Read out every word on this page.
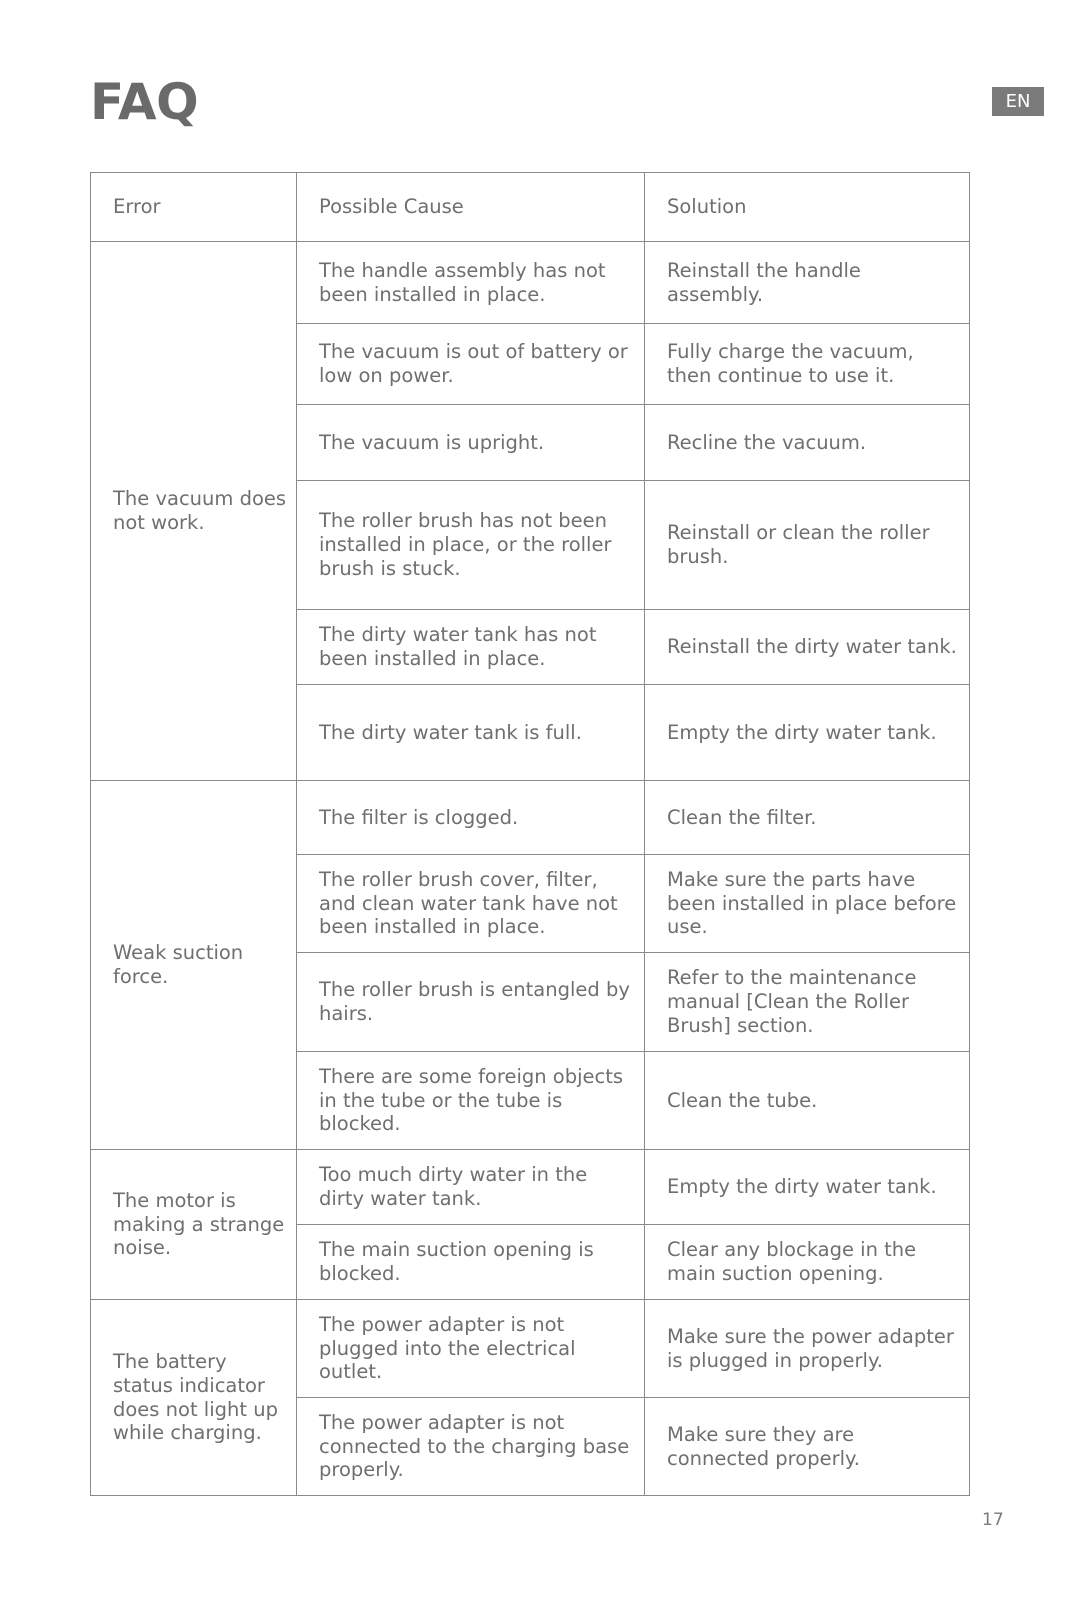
FAQ	EN
Error	Possible Cause	Solution
The vacuum does not work.	The handle assembly has not been installed in place.	Reinstall the handle assembly.
	The vacuum is out of battery or low on power.	Fully charge the vacuum, then continue to use it.
	The vacuum is upright.	Recline the vacuum.
	The roller brush has not been installed in place, or the roller brush is stuck.	Reinstall or clean the roller brush.
	The dirty water tank has not been installed in place.	Reinstall the dirty water tank.
	The dirty water tank is full.	Empty the dirty water tank.
Weak suction force.	The filter is clogged.	Clean the filter.
	The roller brush cover, filter, and clean water tank have not been installed in place.	Make sure the parts have been installed in place before use.
	The roller brush is entangled by hairs.	Refer to the maintenance manual [Clean the Roller Brush] section.
	There are some foreign objects in the tube or the tube is blocked.	Clean the tube.
The motor is making a strange noise.	Too much dirty water in the dirty water tank.	Empty the dirty water tank.
	The main suction opening is blocked.	Clear any blockage in the main suction opening.
The battery status indicator does not light up while charging.	The power adapter is not plugged into the electrical outlet.	Make sure the power adapter is plugged in properly.
	The power adapter is not connected to the charging base properly.	Make sure they are connected properly.
17
